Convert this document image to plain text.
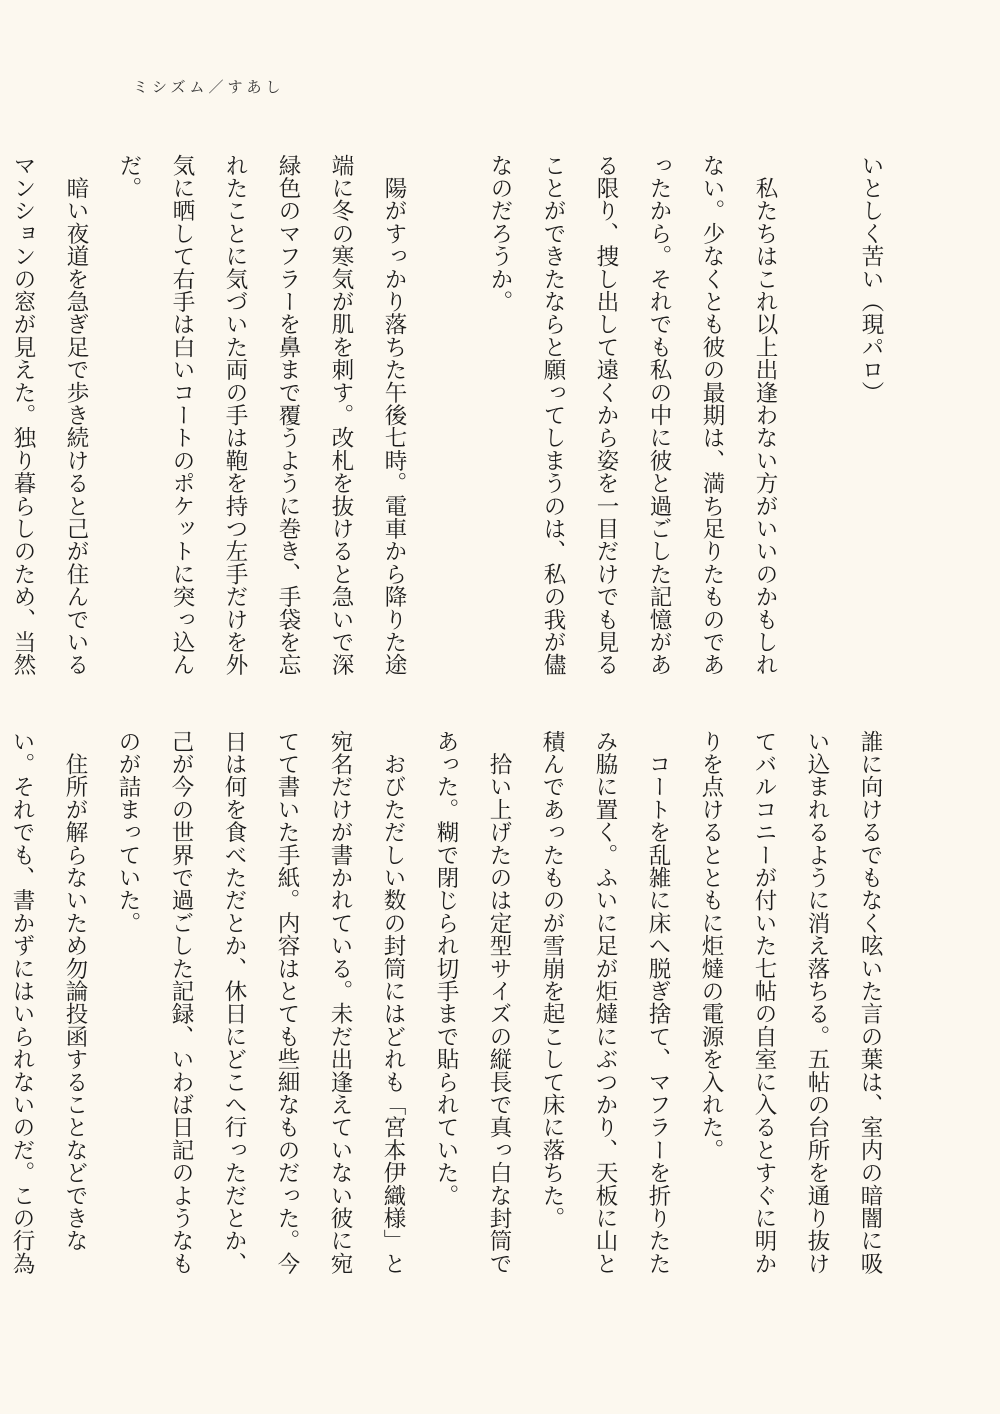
ミシズム／すあし
いとしく苦い（現パロ）
　私たちはこれ以上出逢わない方がいいのかもしれない。少なくとも彼の最期は、満ち足りたものであったから。それでも私の中に彼と過ごした記憶がある限り、捜し出して遠くから姿を一目だけでも見ることができたならと願ってしまうのは、私の我が儘なのだろうか。
　陽がすっかり落ちた午後七時。電車から降りた途端に冬の寒気が肌を刺す。改札を抜けると急いで深緑色のマフラーを鼻まで覆うように巻き、手袋を忘れたことに気づいた両の手は鞄を持つ左手だけを外気に晒して右手は白いコートのポケットに突っ込んだ。
　暗い夜道を急ぎ足で歩き続けると己が住んでいるマンションの窓が見えた。独り暮らしのため、当然
誰に向けるでもなく呟いた言の葉は、室内の暗闇に吸い込まれるように消え落ちる。五帖の台所を通り抜けてバルコニーが付いた七帖の自室に入るとすぐに明かりを点けるとともに炬燵の電源を入れた。
　コートを乱雑に床へ脱ぎ捨て、マフラーを折りたたみ脇に置く。ふいに足が炬燵にぶつかり、天板に山と積んであったものが雪崩を起こして床に落ちた。
　拾い上げたのは定型サイズの縦長で真っ白な封筒であった。糊で閉じられ切手まで貼られていた。
　おびただしい数の封筒にはどれも「宮本伊織様」と宛名だけが書かれている。未だ出逢えていない彼に宛てて書いた手紙。内容はとても些細なものだった。今日は何を食べただとか、休日にどこへ行っただとか、己が今の世界で過ごした記録、いわば日記のようなものが詰まっていた。
　住所が解らないため勿論投函することなどできない。それでも、書かずにはいられないのだ。この行為
